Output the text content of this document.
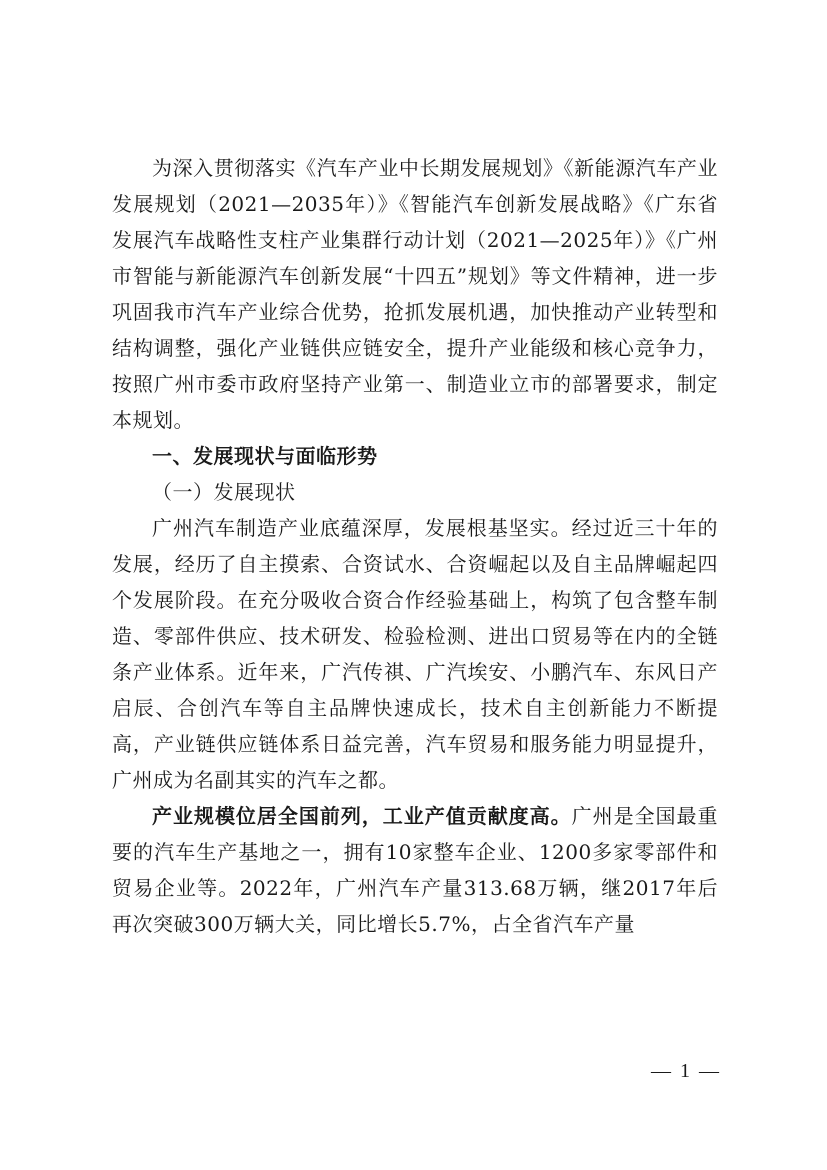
为深入贯彻落实《汽车产业中长期发展规划》《新能源汽车产业发展规划（2021—2035年）》《智能汽车创新发展战略》《广东省发展汽车战略性支柱产业集群行动计划（2021—2025年）》《广州市智能与新能源汽车创新发展“十四五”规划》等文件精神，进一步巩固我市汽车产业综合优势，抢抓发展机遇，加快推动产业转型和结构调整，强化产业链供应链安全，提升产业能级和核心竞争力，按照广州市委市政府坚持产业第一、制造业立市的部署要求，制定本规划。

一、发展现状与面临形势

（一）发展现状

广州汽车制造产业底蕴深厚，发展根基坚实。经过近三十年的发展，经历了自主摸索、合资试水、合资崛起以及自主品牌崛起四个发展阶段。在充分吸收合资合作经验基础上，构筑了包含整车制造、零部件供应、技术研发、检验检测、进出口贸易等在内的全链条产业体系。近年来，广汽传祺、广汽埃安、小鹏汽车、东风日产启辰、合创汽车等自主品牌快速成长，技术自主创新能力不断提高，产业链供应链体系日益完善，汽车贸易和服务能力明显提升，广州成为名副其实的汽车之都。

产业规模位居全国前列，工业产值贡献度高。广州是全国最重要的汽车生产基地之一，拥有10家整车企业、1200多家零部件和贸易企业等。2022年，广州汽车产量313.68万辆，继2017年后再次突破300万辆大关，同比增长5.7%，占全省汽车产量

— 1 —
